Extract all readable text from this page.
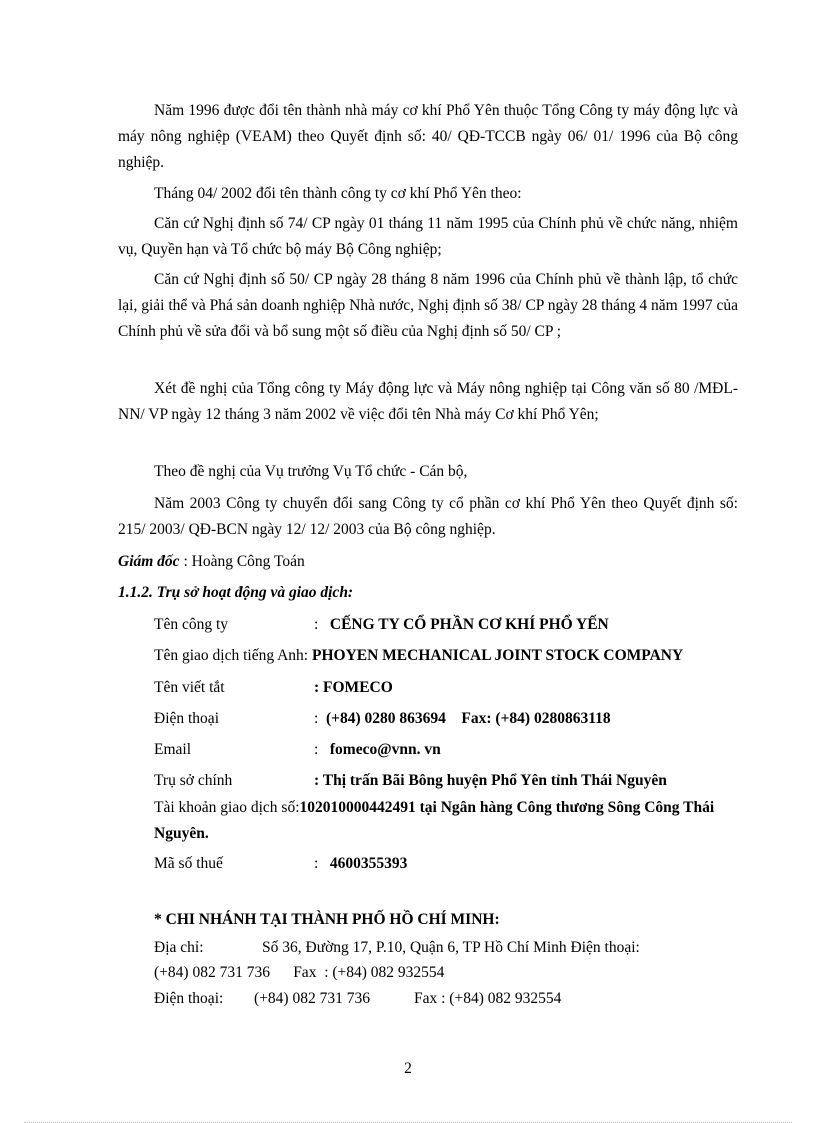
Năm 1996 được đổi tên thành nhà máy cơ khí Phổ Yên thuộc Tổng Công ty máy động lực và máy nông nghiệp (VEAM) theo Quyết định số: 40/ QĐ-TCCB ngày 06/ 01/ 1996 của Bộ công nghiệp.
Tháng 04/ 2002 đổi tên thành công ty cơ khí Phổ Yên theo:
Căn cứ Nghị định số 74/ CP ngày 01 tháng 11 năm 1995 của Chính phủ về chức năng, nhiệm vụ, Quyền hạn và Tổ chức bộ máy Bộ Công nghiệp;
Căn cứ Nghị định số 50/ CP ngày 28 tháng 8 năm 1996 của Chính phủ về thành lập, tổ chức lại, giải thể và Phá sản doanh nghiệp Nhà nước, Nghị định số 38/ CP ngày 28 tháng 4 năm 1997 của Chính phủ về sửa đổi và bổ sung một số điều của Nghị định số 50/ CP ;
Xét đề nghị của Tổng công ty Máy động lực và Máy nông nghiệp tại Công văn số 80 /MĐL- NN/ VP ngày 12 tháng 3 năm 2002 về việc đổi tên Nhà máy Cơ khí Phổ Yên;
Theo đề nghị của Vụ trưởng Vụ Tổ chức - Cán bộ,
Năm 2003 Công ty chuyển đổi sang Công ty cổ phần cơ khí Phổ Yên theo Quyết định số: 215/ 2003/ QĐ-BCN ngày 12/ 12/ 2003 của Bộ công nghiệp.
Giám đốc : Hoàng Công Toán
1.1.2. Trụ sở hoạt động và giao dịch:
Tên công ty	: CẾNG TY CỔ PHẦN CƠ KHÍ PHỔ YẾN
Tên giao dịch tiếng Anh: PHOYEN MECHANICAL JOINT STOCK COMPANY
Tên viết tắt	: FOMECO
Điện thoại	: (+84) 0280 863694 Fax: (+84) 0280863118
Email	: fomeco@vnn. vn
Trụ sở chính	: Thị trấn Bãi Bông huyện Phổ Yên tỉnh Thái Nguyên
Tài khoản giao dịch số:102010000442491 tại Ngân hàng Công thương Sông Công Thái Nguyên.
Mã số thuế	: 4600355393
* CHI NHÁNH TẠI THÀNH PHỐ HỒ CHÍ MINH:
Địa chỉ:	Số 36, Đường 17, P.10, Quận 6, TP Hồ Chí Minh Điện thoại:
(+84) 082 731 736      Fax  : (+84) 082 932554
Điện thoại: (+84) 082 731 736	Fax : (+84) 082 932554
2
